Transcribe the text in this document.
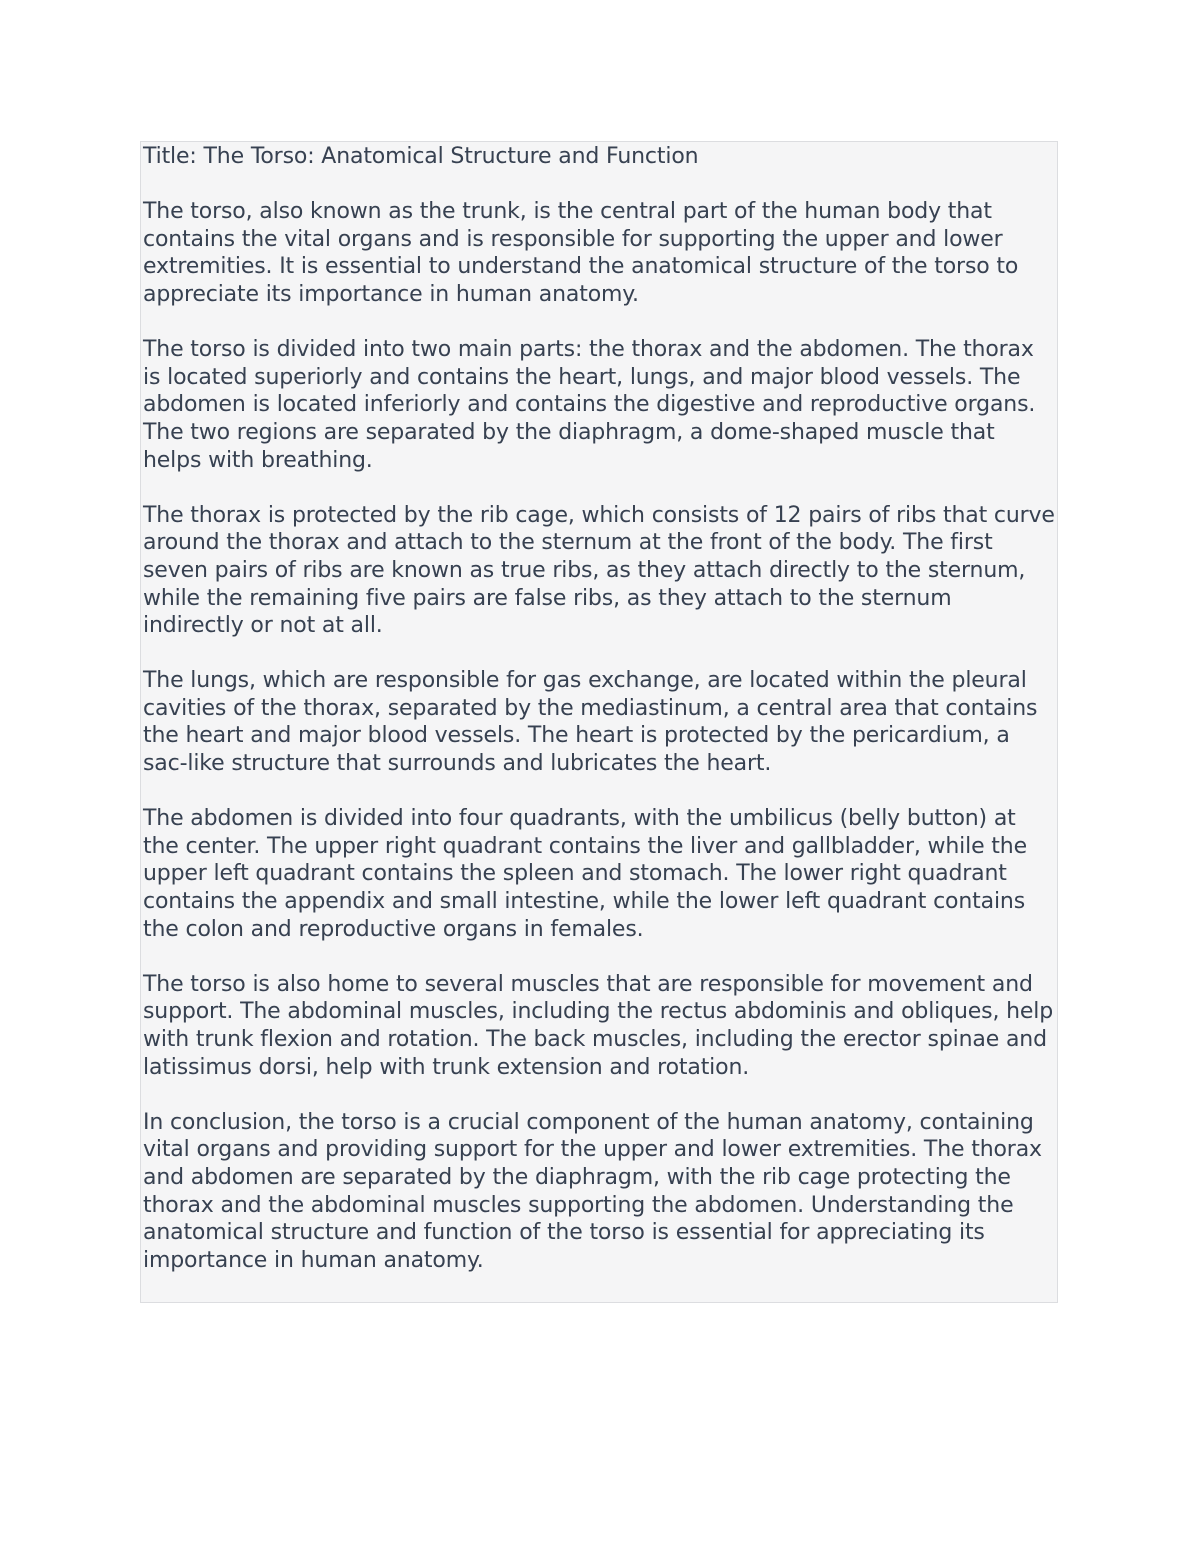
Title: The Torso: Anatomical Structure and Function

The torso, also known as the trunk, is the central part of the human body that contains the vital organs and is responsible for supporting the upper and lower extremities. It is essential to understand the anatomical structure of the torso to appreciate its importance in human anatomy.

The torso is divided into two main parts: the thorax and the abdomen. The thorax is located superiorly and contains the heart, lungs, and major blood vessels. The abdomen is located inferiorly and contains the digestive and reproductive organs. The two regions are separated by the diaphragm, a dome-shaped muscle that helps with breathing.

The thorax is protected by the rib cage, which consists of 12 pairs of ribs that curve around the thorax and attach to the sternum at the front of the body. The first seven pairs of ribs are known as true ribs, as they attach directly to the sternum, while the remaining five pairs are false ribs, as they attach to the sternum indirectly or not at all.

The lungs, which are responsible for gas exchange, are located within the pleural cavities of the thorax, separated by the mediastinum, a central area that contains the heart and major blood vessels. The heart is protected by the pericardium, a sac-like structure that surrounds and lubricates the heart.

The abdomen is divided into four quadrants, with the umbilicus (belly button) at the center. The upper right quadrant contains the liver and gallbladder, while the upper left quadrant contains the spleen and stomach. The lower right quadrant contains the appendix and small intestine, while the lower left quadrant contains the colon and reproductive organs in females.

The torso is also home to several muscles that are responsible for movement and support. The abdominal muscles, including the rectus abdominis and obliques, help with trunk flexion and rotation. The back muscles, including the erector spinae and latissimus dorsi, help with trunk extension and rotation.

In conclusion, the torso is a crucial component of the human anatomy, containing vital organs and providing support for the upper and lower extremities. The thorax and abdomen are separated by the diaphragm, with the rib cage protecting the thorax and the abdominal muscles supporting the abdomen. Understanding the anatomical structure and function of the torso is essential for appreciating its importance in human anatomy.
